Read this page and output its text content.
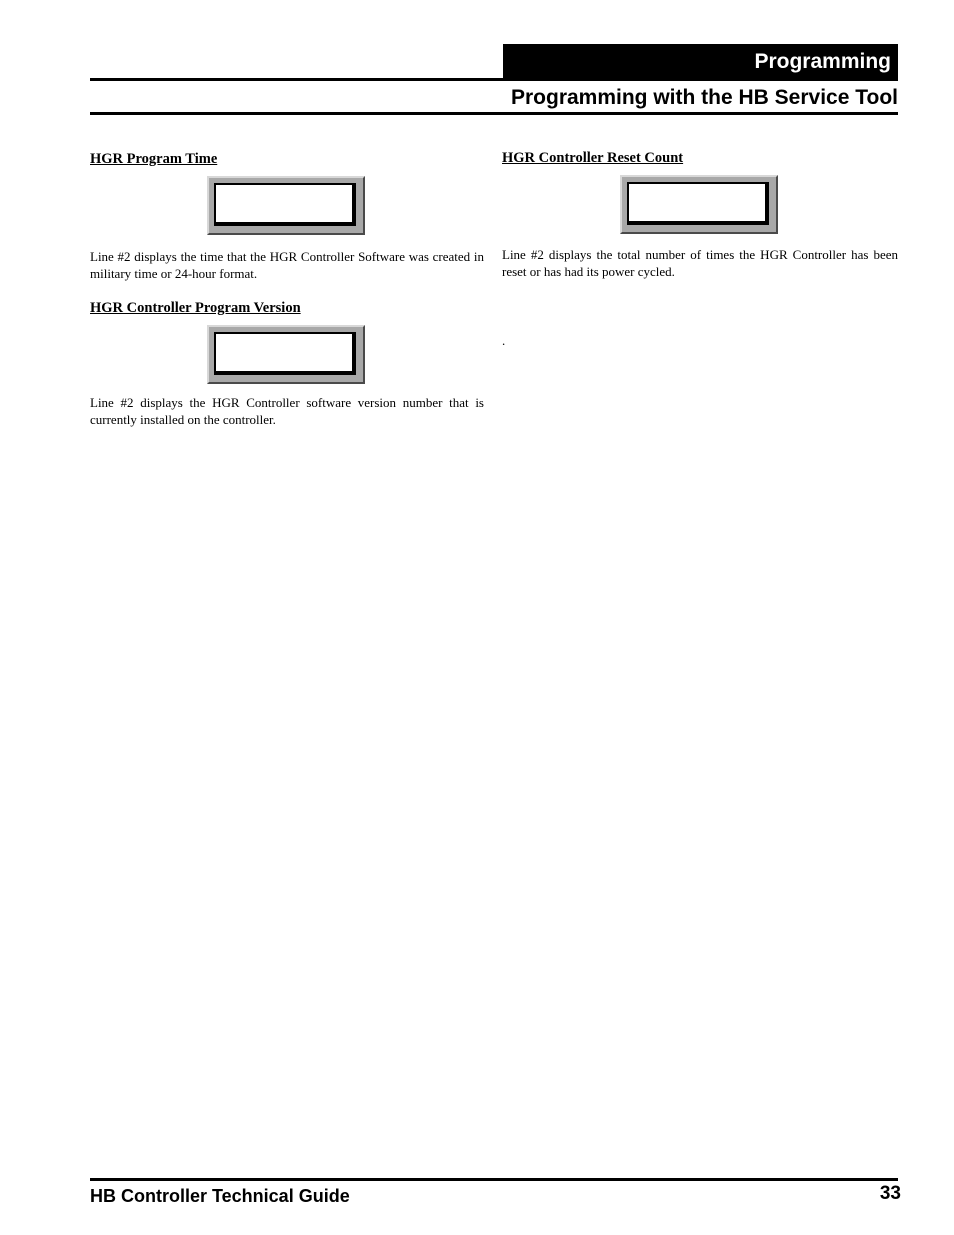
Programming
Programming with the HB Service Tool
HGR Program Time

Line #2 displays the time that the HGR Controller Software was created in military time or 24-hour format.
HGR Controller Program Version

Line #2 displays the HGR Controller software version number that is currently installed on the controller.
HGR Controller Reset Count

Line #2 displays the total number of times the HGR Controller has been reset or has had its power cycled.
.
HB Controller Technical Guide	33
